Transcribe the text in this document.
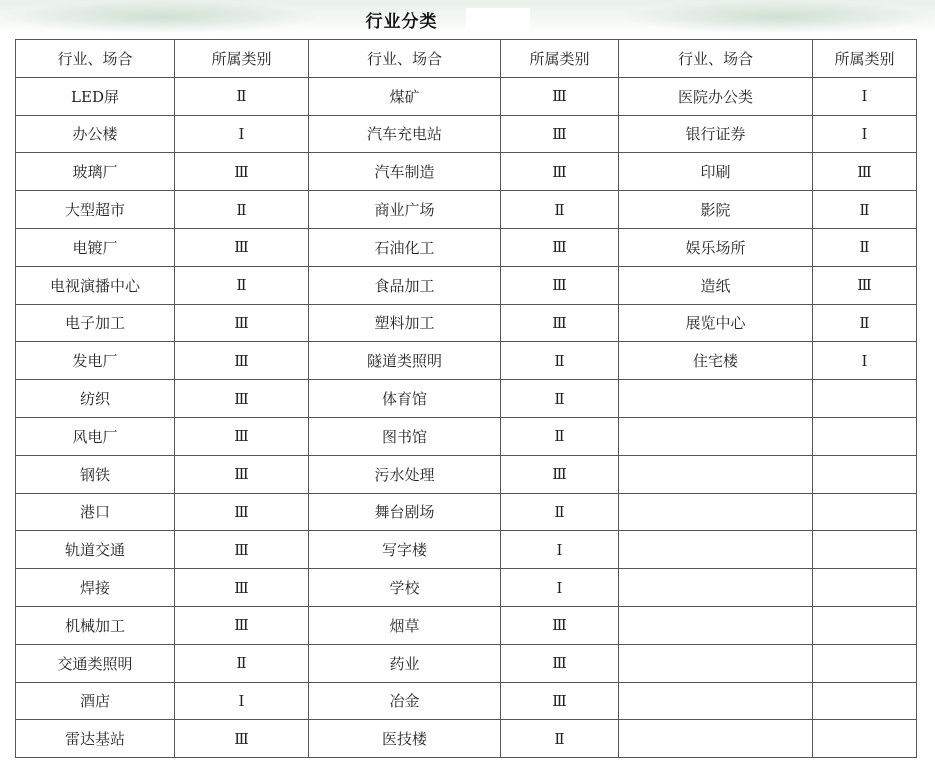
行业分类
行业、场合	所属类别	行业、场合	所属类别	行业、场合	所属类别
LED屏	Ⅱ	煤矿	Ⅲ	医院办公类	Ⅰ
办公楼	Ⅰ	汽车充电站	Ⅲ	银行证券	Ⅰ
玻璃厂	Ⅲ	汽车制造	Ⅲ	印刷	Ⅲ
大型超市	Ⅱ	商业广场	Ⅱ	影院	Ⅱ
电镀厂	Ⅲ	石油化工	Ⅲ	娱乐场所	Ⅱ
电视演播中心	Ⅱ	食品加工	Ⅲ	造纸	Ⅲ
电子加工	Ⅲ	塑料加工	Ⅲ	展览中心	Ⅱ
发电厂	Ⅲ	隧道类照明	Ⅱ	住宅楼	Ⅰ
纺织	Ⅲ	体育馆	Ⅱ		
风电厂	Ⅲ	图书馆	Ⅱ		
钢铁	Ⅲ	污水处理	Ⅲ		
港口	Ⅲ	舞台剧场	Ⅱ		
轨道交通	Ⅲ	写字楼	Ⅰ		
焊接	Ⅲ	学校	Ⅰ		
机械加工	Ⅲ	烟草	Ⅲ		
交通类照明	Ⅱ	药业	Ⅲ		
酒店	Ⅰ	冶金	Ⅲ		
雷达基站	Ⅲ	医技楼	Ⅱ		
